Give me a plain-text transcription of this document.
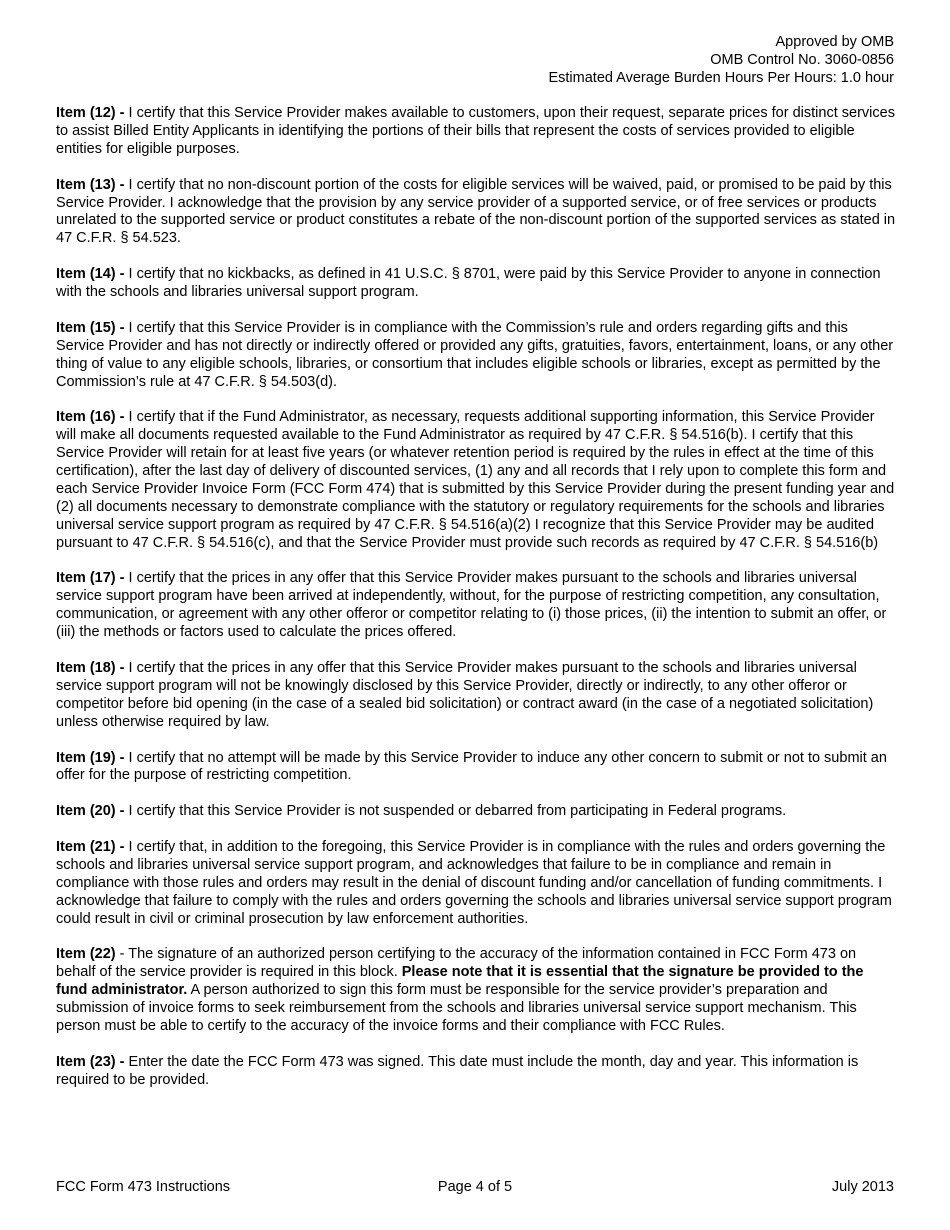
Approved by OMB
OMB Control No. 3060-0856
Estimated Average Burden Hours Per Hours: 1.0 hour

Item (12) - I certify that this Service Provider makes available to customers, upon their request, separate prices for distinct services to assist Billed Entity Applicants in identifying the portions of their bills that represent the costs of services provided to eligible entities for eligible purposes.

Item (13) - I certify that no non-discount portion of the costs for eligible services will be waived, paid, or promised to be paid by this Service Provider. I acknowledge that the provision by any service provider of a supported service, or of free services or products unrelated to the supported service or product constitutes a rebate of the non-discount portion of the supported services as stated in 47 C.F.R. § 54.523.

Item (14) - I certify that no kickbacks, as defined in 41 U.S.C. § 8701, were paid by this Service Provider to anyone in connection with the schools and libraries universal support program.

Item (15) - I certify that this Service Provider is in compliance with the Commission’s rule and orders regarding gifts and this Service Provider and has not directly or indirectly offered or provided any gifts, gratuities, favors, entertainment, loans, or any other thing of value to any eligible schools, libraries, or consortium that includes eligible schools or libraries, except as permitted by the Commission’s rule at 47 C.F.R. § 54.503(d).

Item (16) - I certify that if the Fund Administrator, as necessary, requests additional supporting information, this Service Provider will make all documents requested available to the Fund Administrator as required by 47 C.F.R. § 54.516(b). I certify that this Service Provider will retain for at least five years (or whatever retention period is required by the rules in effect at the time of this certification), after the last day of delivery of discounted services, (1) any and all records that I rely upon to complete this form and each Service Provider Invoice Form (FCC Form 474) that is submitted by this Service Provider during the present funding year and (2) all documents necessary to demonstrate compliance with the statutory or regulatory requirements for the schools and libraries universal service support program as required by 47 C.F.R. § 54.516(a)(2) I recognize that this Service Provider may be audited pursuant to 47 C.F.R. § 54.516(c), and that the Service Provider must provide such records as required by 47 C.F.R. § 54.516(b)

Item (17) - I certify that the prices in any offer that this Service Provider makes pursuant to the schools and libraries universal service support program have been arrived at independently, without, for the purpose of restricting competition, any consultation, communication, or agreement with any other offeror or competitor relating to (i) those prices, (ii) the intention to submit an offer, or (iii) the methods or factors used to calculate the prices offered.

Item (18) - I certify that the prices in any offer that this Service Provider makes pursuant to the schools and libraries universal service support program will not be knowingly disclosed by this Service Provider, directly or indirectly, to any other offeror or competitor before bid opening (in the case of a sealed bid solicitation) or contract award (in the case of a negotiated solicitation) unless otherwise required by law.

Item (19) - I certify that no attempt will be made by this Service Provider to induce any other concern to submit or not to submit an offer for the purpose of restricting competition.

Item (20) - I certify that this Service Provider is not suspended or debarred from participating in Federal programs.

Item (21) - I certify that, in addition to the foregoing, this Service Provider is in compliance with the rules and orders governing the schools and libraries universal service support program, and acknowledges that failure to be in compliance and remain in compliance with those rules and orders may result in the denial of discount funding and/or cancellation of funding commitments. I acknowledge that failure to comply with the rules and orders governing the schools and libraries universal service support program could result in civil or criminal prosecution by law enforcement authorities.

Item (22) - The signature of an authorized person certifying to the accuracy of the information contained in FCC Form 473 on behalf of the service provider is required in this block. Please note that it is essential that the signature be provided to the fund administrator. A person authorized to sign this form must be responsible for the service provider’s preparation and submission of invoice forms to seek reimbursement from the schools and libraries universal service support mechanism. This person must be able to certify to the accuracy of the invoice forms and their compliance with FCC Rules.

Item (23) - Enter the date the FCC Form 473 was signed. This date must include the month, day and year. This information is required to be provided.

FCC Form 473 Instructions	Page 4 of 5	July 2013
